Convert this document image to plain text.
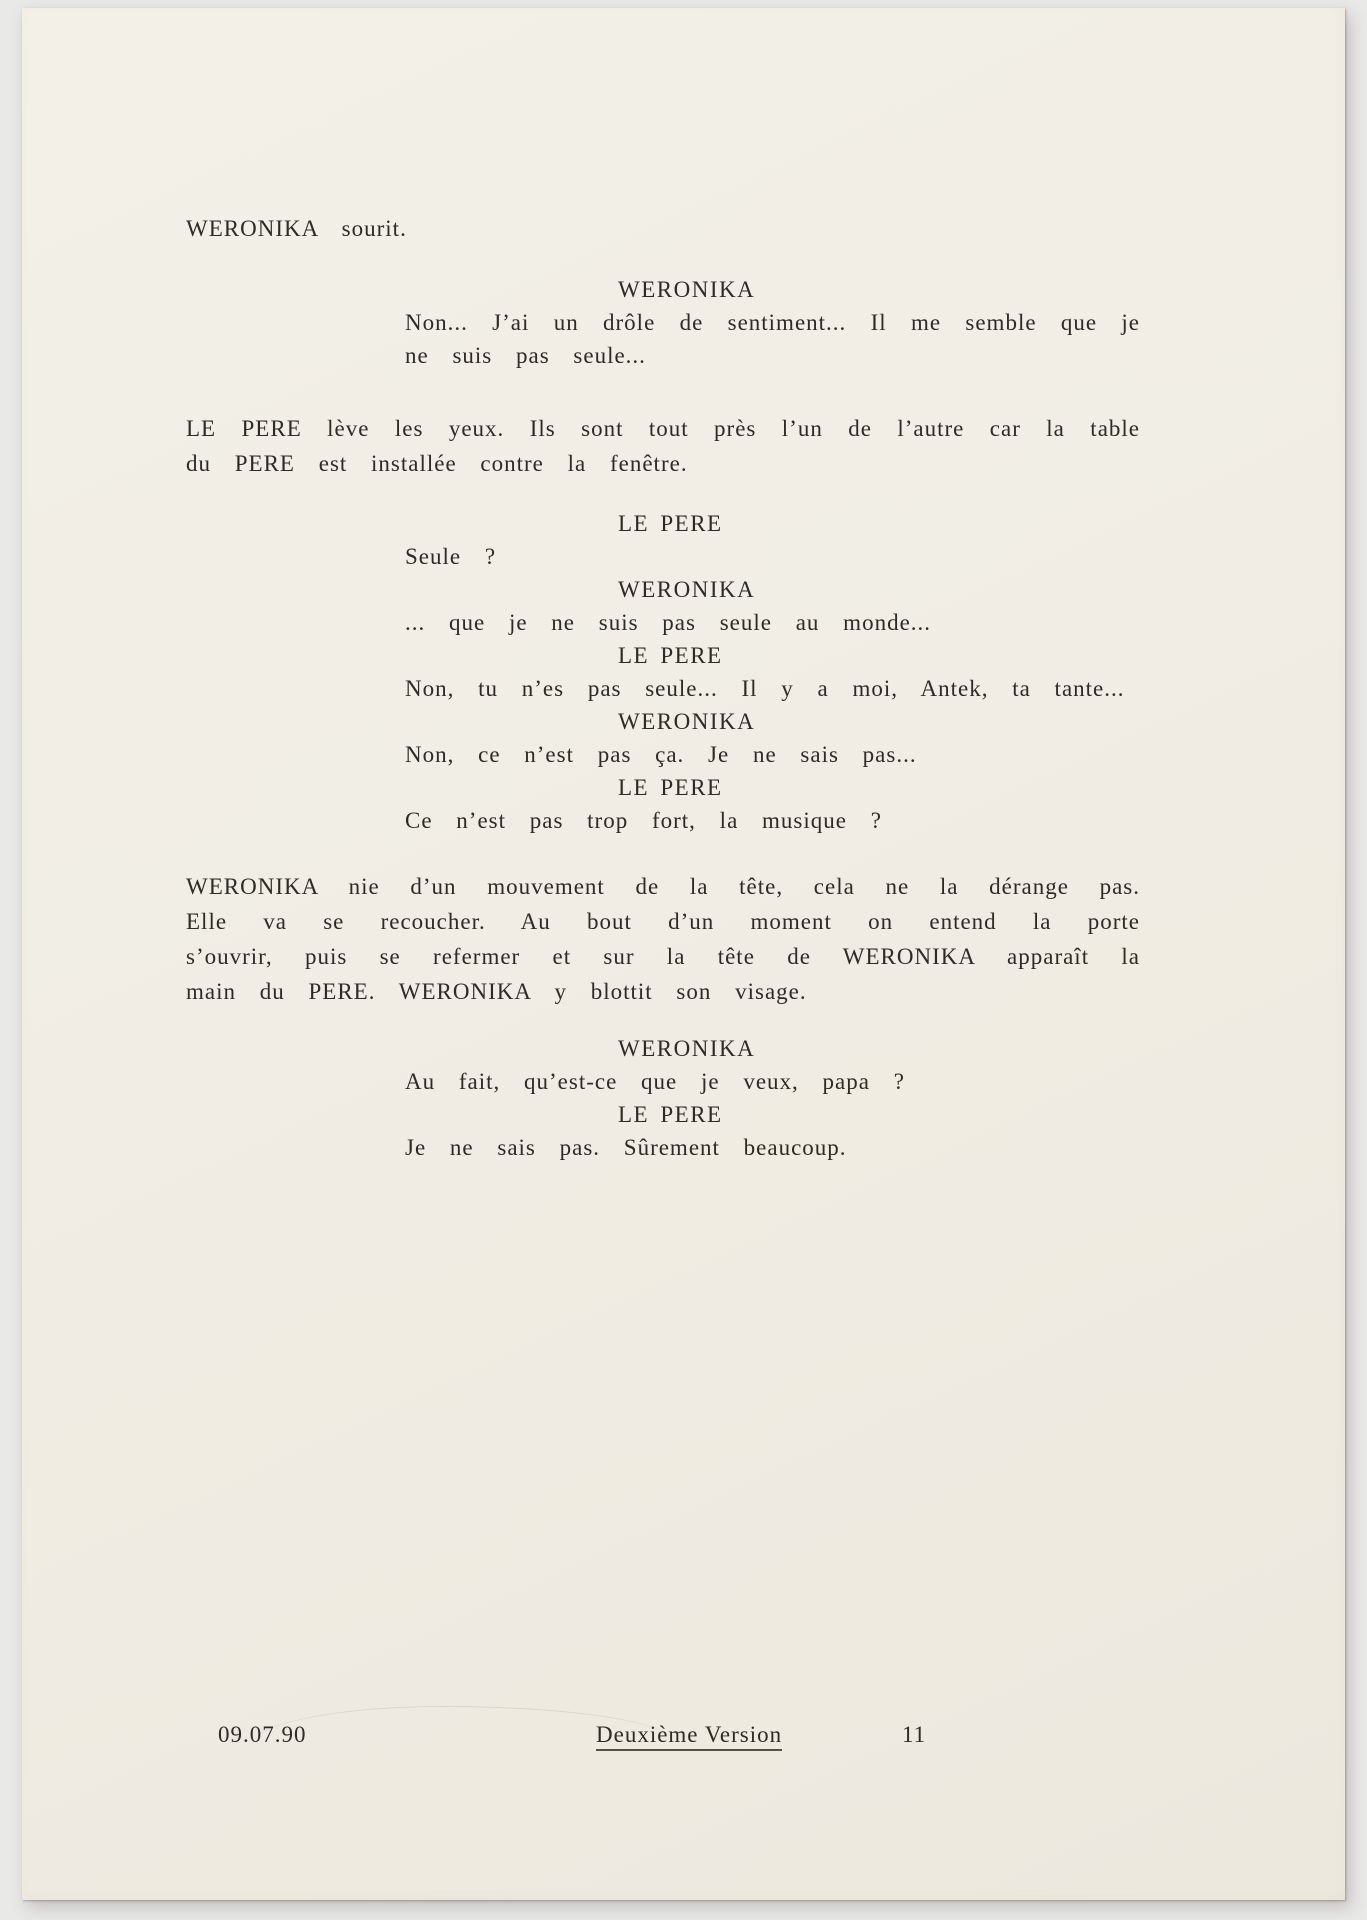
WERONIKA sourit.
WERONIKA
Non... J’ai un drôle de sentiment... Il me semble que je
ne suis pas seule...
LE PERE lève les yeux. Ils sont tout près l’un de l’autre car la table
du PERE est installée contre la fenêtre.
LE PERE
Seule ?
WERONIKA
... que je ne suis pas seule au monde...
LE PERE
Non, tu n’es pas seule... Il y a moi, Antek, ta tante...
WERONIKA
Non, ce n’est pas ça. Je ne sais pas...
LE PERE
Ce n’est pas trop fort, la musique ?
WERONIKA nie d’un mouvement de la tête, cela ne la dérange pas.
Elle va se recoucher. Au bout d’un moment on entend la porte
s’ouvrir, puis se refermer et sur la tête de WERONIKA apparaît la
main du PERE. WERONIKA y blottit son visage.
WERONIKA
Au fait, qu’est-ce que je veux, papa ?
LE PERE
Je ne sais pas. Sûrement beaucoup.
09.07.90	Deuxième Version	11
